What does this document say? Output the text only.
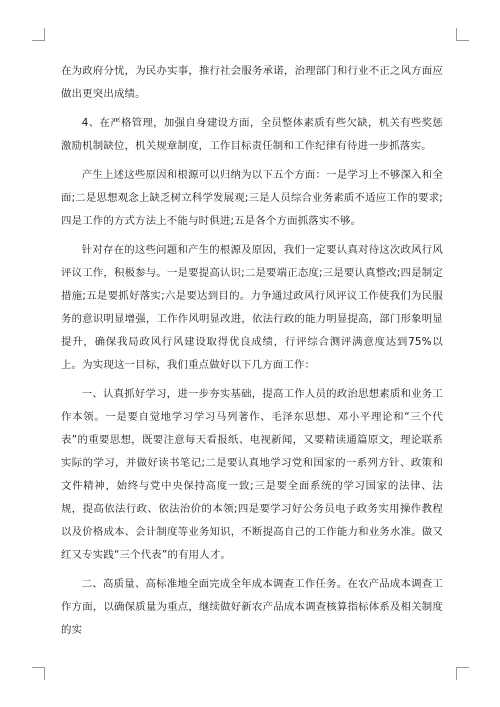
在为政府分忧，为民办实事，推行社会服务承诺，治理部门和行业不正之风方面应做出更突出成绩。

4、在严格管理，加强自身建设方面，全员整体素质有些欠缺，机关有些奖惩激励机制缺位，机关规章制度，工作目标责任制和工作纪律有待进一步抓落实。

产生上述这些原因和根源可以归纳为以下五个方面：一是学习上不够深入和全面;二是思想观念上缺乏树立科学发展观;三是人员综合业务素质不适应工作的要求;四是工作的方式方法上不能与时俱进;五是各个方面抓落实不够。

针对存在的这些问题和产生的根源及原因，我们一定要认真对待这次政风行风评议工作，积极参与。一是要提高认识;二是要端正态度;三是要认真整改;四是制定措施;五是要抓好落实;六是要达到目的。力争通过政风行风评议工作使我们为民服务的意识明显增强，工作作风明显改进，依法行政的能力明显提高，部门形象明显提升，确保我局政风行风建设取得优良成绩，行评综合测评满意度达到75%以上。为实现这一目标，我们重点做好以下几方面工作：

一、认真抓好学习，进一步夯实基础，提高工作人员的政治思想素质和业务工作本领。一是要自觉地学习学习马列著作、毛泽东思想、邓小平理论和“三个代表”的重要思想，既要注意每天看报纸、电视新闻，又要精读通篇原文，理论联系实际的学习，并做好读书笔记;二是要认真地学习党和国家的一系列方针、政策和文件精神，始终与党中央保持高度一致;三是要全面系统的学习国家的法律、法规，提高依法行政、依法治价的本领;四是要学习好公务员电子政务实用操作教程以及价格成本、会计制度等业务知识，不断提高自己的工作能力和业务水准。做又红又专实践“三个代表”的有用人才。

二、高质量、高标准地全面完成全年成本调查工作任务。在农产品成本调查工作方面，以确保质量为重点，继续做好新农产品成本调查核算指标体系及相关制度的实
